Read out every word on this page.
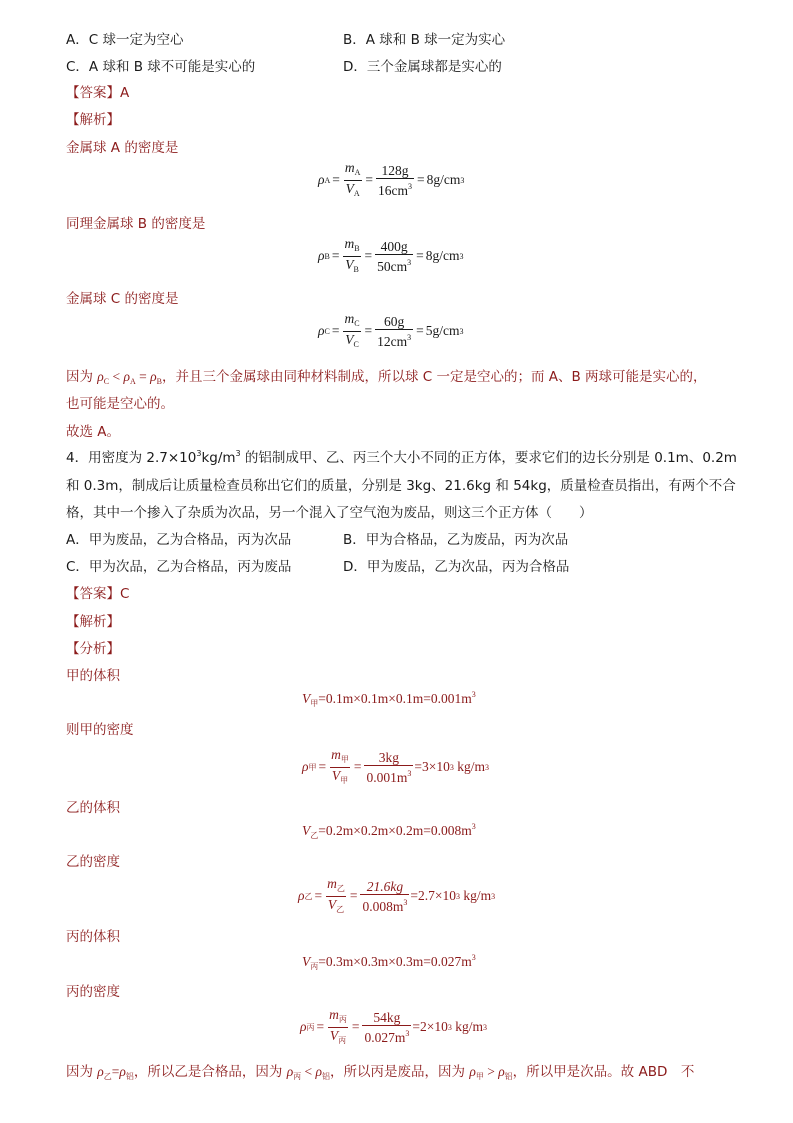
A．C 球一定为空心	B．A 球和 B 球一定为实心
C．A 球和 B 球不可能是实心的	D．三个金属球都是实心的
【答案】A
【解析】
金属球 A 的密度是
ρ $A = \frac{m_A}{V_A} = \frac{128g}{16cm^3} = 8g/cm$ 3
同理金属球 B 的密度是
ρ $B = \frac{m_B}{V_B} = \frac{400g}{50cm^3} = 8g/cm$ 3
金属球 C 的密度是
ρ $C = \frac{m_C}{V_C} = \frac{60g}{12cm^3} = 5g/cm$ 3
因为 $\rho_C < \rho_A = \rho_B$，并且三个金属球由同种材料制成，所以球 C 一定是空心的；而 A、B 两球可能是实心的，
也可能是空心的。
故选 A。
4．用密度为 $2.7\times 10^3kg/m^3$ 的铝制成甲、乙、丙三个大小不同的正方体，要求它们的边长分别是 0.1m、0.2m
和 0.3m，制成后让质量检查员称出它们的质量，分别是 3kg、21.6kg 和 54kg，质量检查员指出，有两个不合
格，其中一个掺入了杂质为次品，另一个混入了空气泡为废品，则这三个正方体（　　）
A．甲为废品，乙为合格品，丙为次品	B．甲为合格品，乙为废品，丙为次品
C．甲为次品，乙为合格品，丙为废品	D．甲为废品，乙为次品，丙为合格品
【答案】C
【解析】
【分析】
甲的体积
$V_甲=0.1m\times 0.1m\times 0.1m=0.001m^3$
则甲的密度
ρ 甲 = $\frac{m_甲}{V_甲} = \frac{3kg}{0.001m^3} =3\times 10$ 3
kg/m 3
乙的体积
$V_乙=0.2m\times 0.2m\times 0.2m=0.008m^3$
乙的密度
ρ 乙 = $\frac{m_乙}{V_乙} = \frac{21.6kg}{0.008m^3} =2.7\times 10$ 3
kg/m 3
丙的体积
$V_丙=0.3m\times 0.3m\times 0.3m=0.027m^3$
丙的密度
ρ 丙 = $\frac{m_丙}{V_丙} = \frac{54kg}{0.027m^3} =2\times 10$ 3
kg/m 3
因为 $\rho_乙=\rho_铝$，所以乙是合格品，因为 $\rho_丙 < \rho_铝$，所以丙是废品，因为 $\rho_甲 > \rho_铝$，所以甲是次品。故 ABD　不
